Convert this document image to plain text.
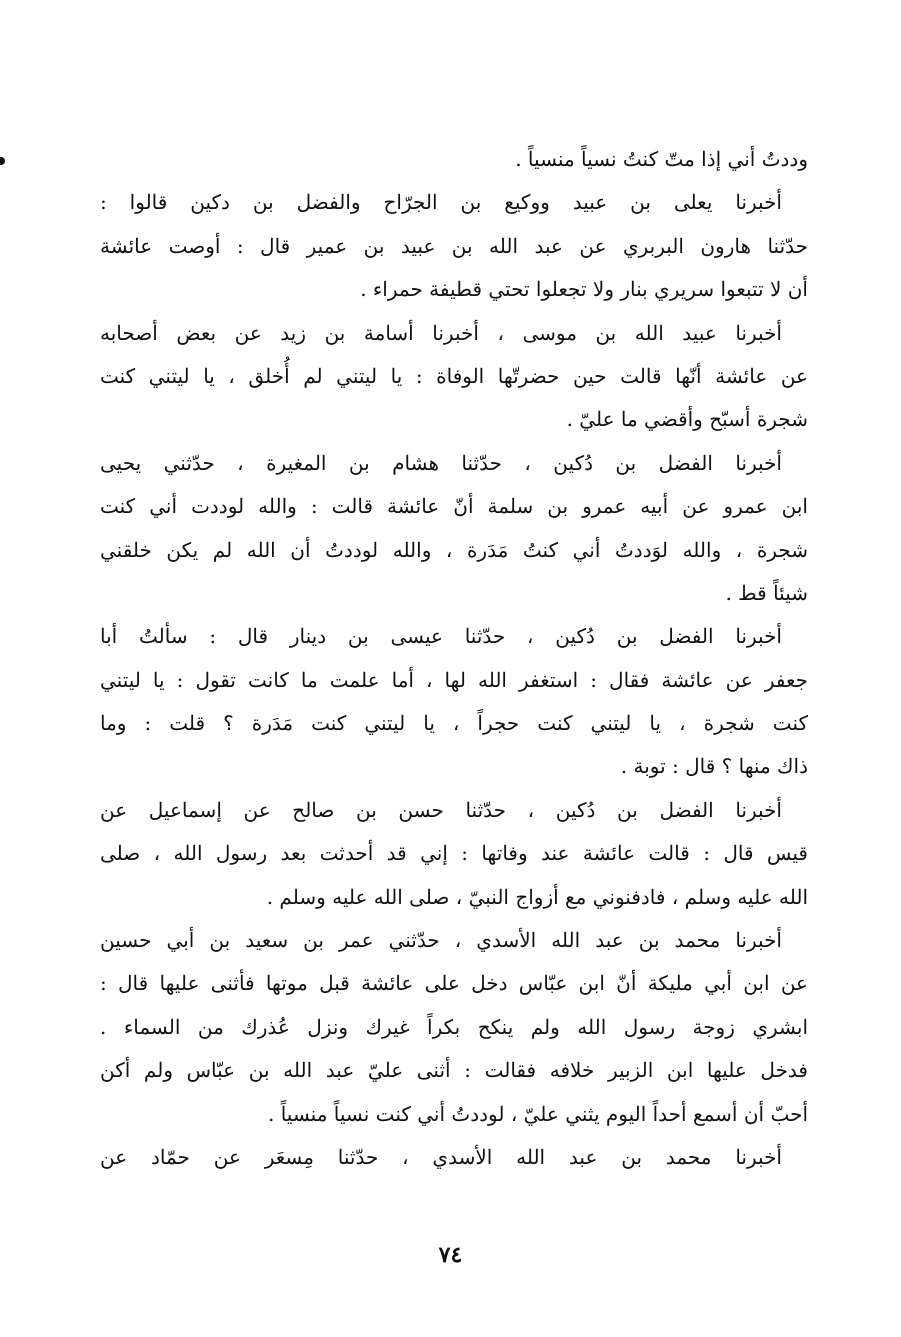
وددتُ أني إذا متّ كنتُ نسياً منسياً .
أخبرنا يعلى بن عبيد ووكيع بن الجرّاح والفضل بن دكين قالوا :
حدّثنا هارون البربري عن عبد الله بن عبيد بن عمير قال : أوصت عائشة
أن لا تتبعوا سريري بنار ولا تجعلوا تحتي قطيفة حمراء .
أخبرنا عبيد الله بن موسى ، أخبرنا أسامة بن زيد عن بعض أصحابه
عن عائشة أنّها قالت حين حضرتّها الوفاة : يا ليتني لم أُخلق ، يا ليتني كنت
شجرة أسبّح وأقضي ما عليّ .
أخبرنا الفضل بن دُكين ، حدّثنا هشام بن المغيرة ، حدّثني يحيى
ابن عمرو عن أبيه عمرو بن سلمة أنّ عائشة قالت : والله لوددت أني كنت
شجرة ، والله لوَددتُ أني كنتُ مَدَرة ، والله لوددتُ أن الله لم يكن خلقني
شيئاً قط .
أخبرنا الفضل بن دُكين ، حدّثنا عيسى بن دينار قال : سألتُ أبا
جعفر عن عائشة فقال : استغفر الله لها ، أما علمت ما كانت تقول : يا ليتني
كنت شجرة ، يا ليتني كنت حجراً ، يا ليتني كنت مَدَرة ؟ قلت : وما
ذاك منها ؟ قال : توبة .
أخبرنا الفضل بن دُكين ، حدّثنا حسن بن صالح عن إسماعيل عن
قيس قال : قالت عائشة عند وفاتها : إني قد أحدثت بعد رسول الله ، صلى
الله عليه وسلم ، فادفنوني مع أزواج النبيّ ، صلى الله عليه وسلم .
أخبرنا محمد بن عبد الله الأسدي ، حدّثني عمر بن سعيد بن أبي حسين
عن ابن أبي مليكة أنّ ابن عبّاس دخل على عائشة قبل موتها فأثنى عليها قال :
ابشري زوجة رسول الله ولم ينكح بكراً غيرك ونزل عُذرك من السماء .
فدخل عليها ابن الزبير خلافه فقالت : أثنى عليّ عبد الله بن عبّاس ولم أكن
أحبّ أن أسمع أحداً اليوم يثني عليّ ، لوددتُ أني كنت نسياً منسياً .
أخبرنا محمد بن عبد الله الأسدي ، حدّثنا مِسعَر عن حمّاد عن
٧٤
